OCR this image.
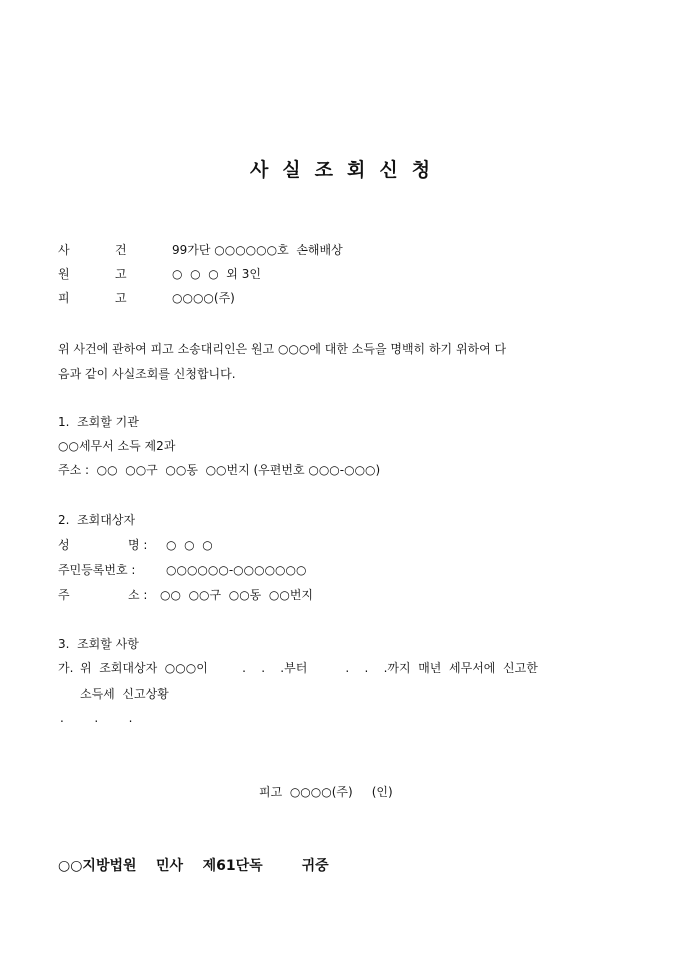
사실조회신청
사	건	99가단 ○○○○○○호  손해배상
원	고	○  ○  ○  외 3인
피	고	○○○○(주)
위 사건에 관하여 피고 소송대리인은 원고 ○○○에 대한 소득을 명백히 하기 위하여 다
음과 같이 사실조회를 신청합니다.
1.  조회할 기관
○○세무서 소득 제2과
주소 :  ○○  ○○구  ○○동  ○○번지 (우편번호 ○○○-○○○)
2.  조회대상자
성	명 : ○  ○  ○
주민등록번호 :	○○○○○○-○○○○○○○
주	소 : ○○  ○○구  ○○동  ○○번지
3.  조회할 사항
가. 위  조회대상자  ○○○이         .    .    .부터          .    .    .까지  매년  세무서에  신고한
소득세  신고상황
.        .        .
피고  ○○○○(주)     (인)
○○지방법원    민사    제61단독        귀중
